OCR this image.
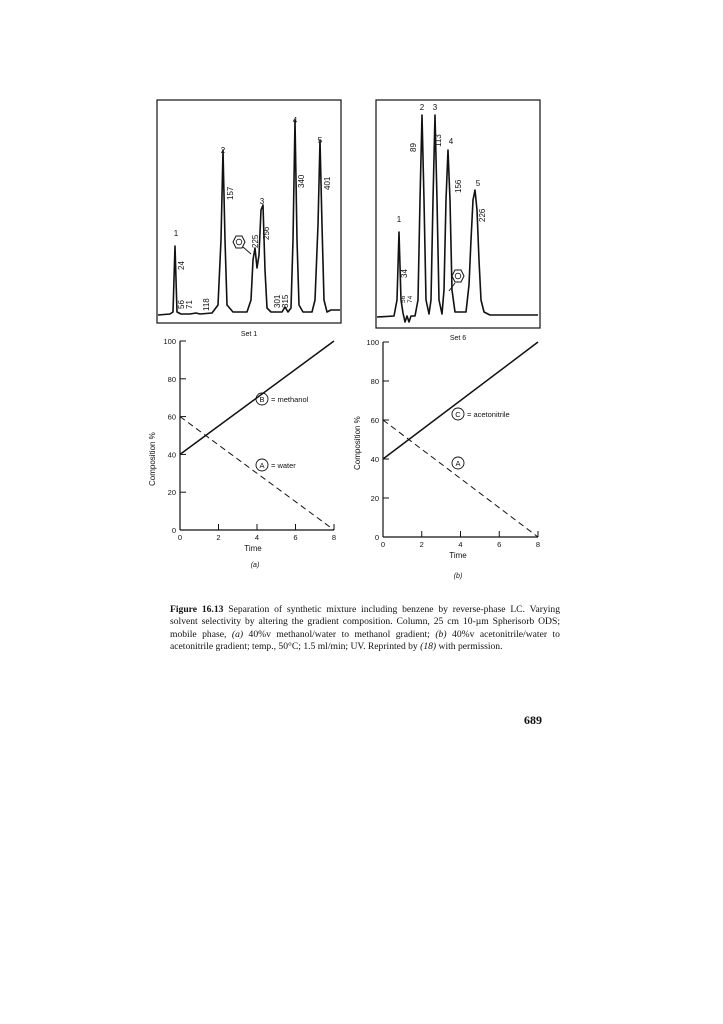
1
2
3
4
5
24
56 71 118
157
225
256
301 315
340 401
Set 1
1
2 3
4
5
34
56 74
89
113
156
226
Set 6
0	2	4	6	8
0
20
40
60
80
100
B = methanol
A = water
Composition %
Time
(a)
0	2	4	6	8
0
20
40
60
80
100
C = acetonitrile
A
Composition %
Time
(b)
Figure 16.13 Separation of synthetic mixture including benzene by reverse-phase LC. Varying solvent selectivity by altering the gradient composition. Column, 25 cm 10-µm Spherisorb ODS; mobile phase, (a) 40%v methanol/water to methanol gradient; (b) 40%v acetonitrile/water to acetonitrile gradient; temp., 50°C; 1.5 ml/min; UV. Reprinted by (18) with permission.
689
